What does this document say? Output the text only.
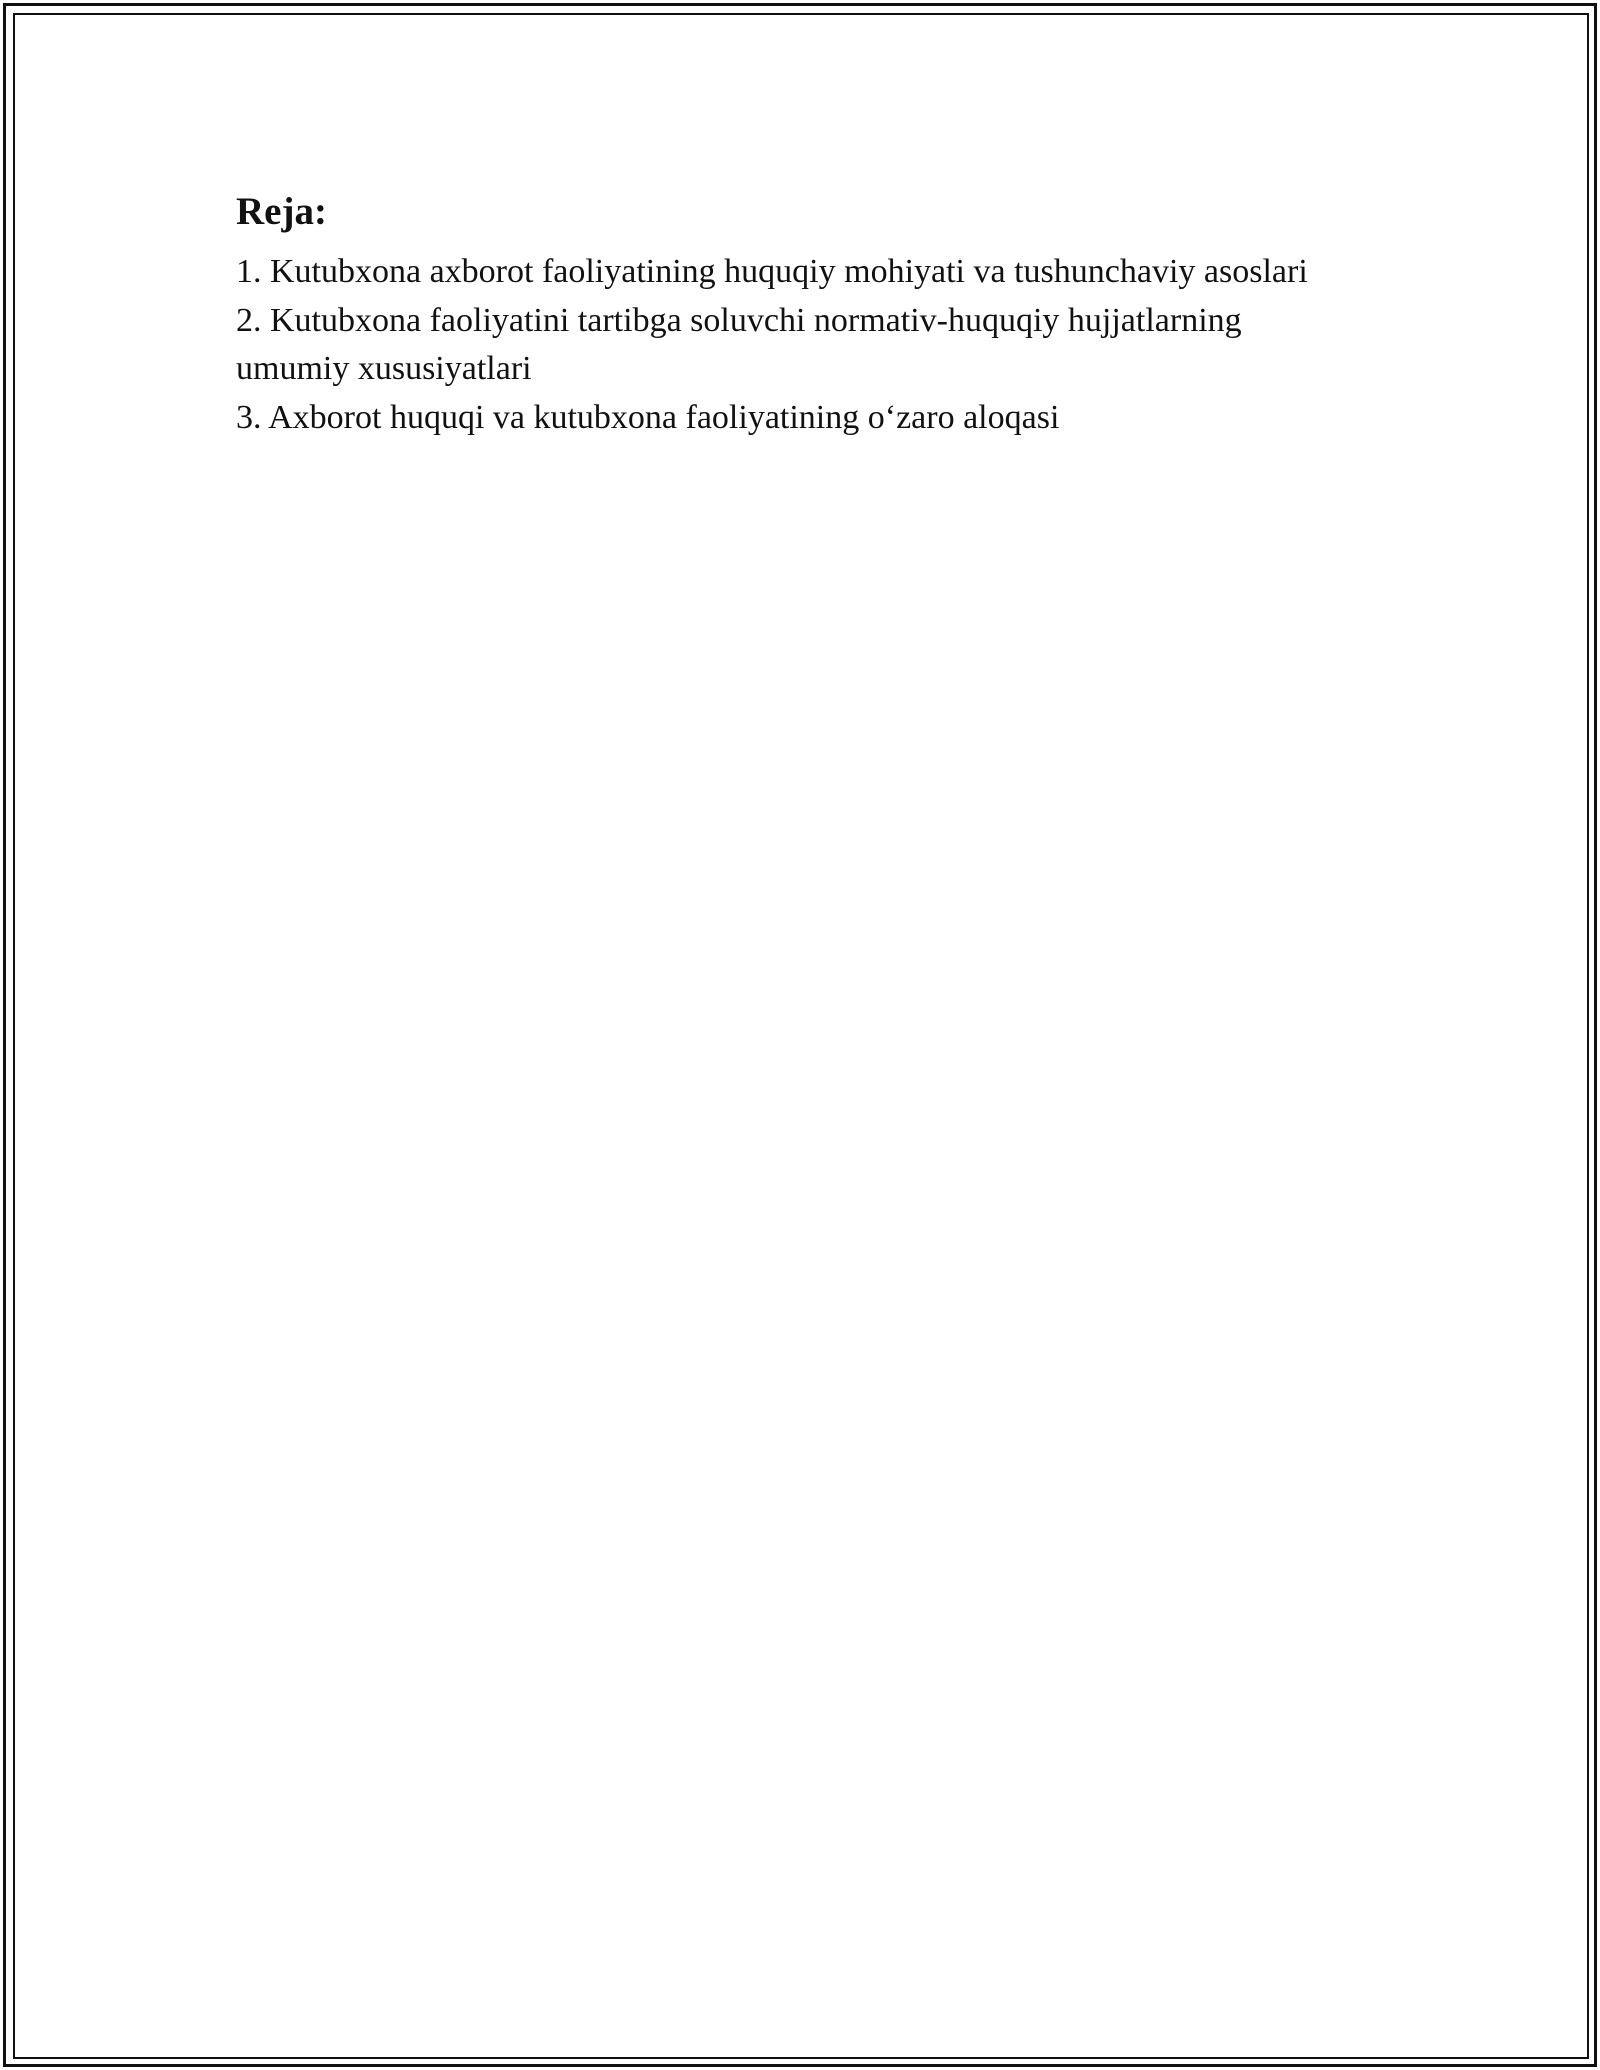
Reja:
1. Kutubxona axborot faoliyatining huquqiy mohiyati va tushunchaviy asoslari
2. Kutubxona faoliyatini tartibga soluvchi normativ-huquqiy hujjatlarning umumiy xususiyatlari
3. Axborot huquqi va kutubxona faoliyatining o‘zaro aloqasi
